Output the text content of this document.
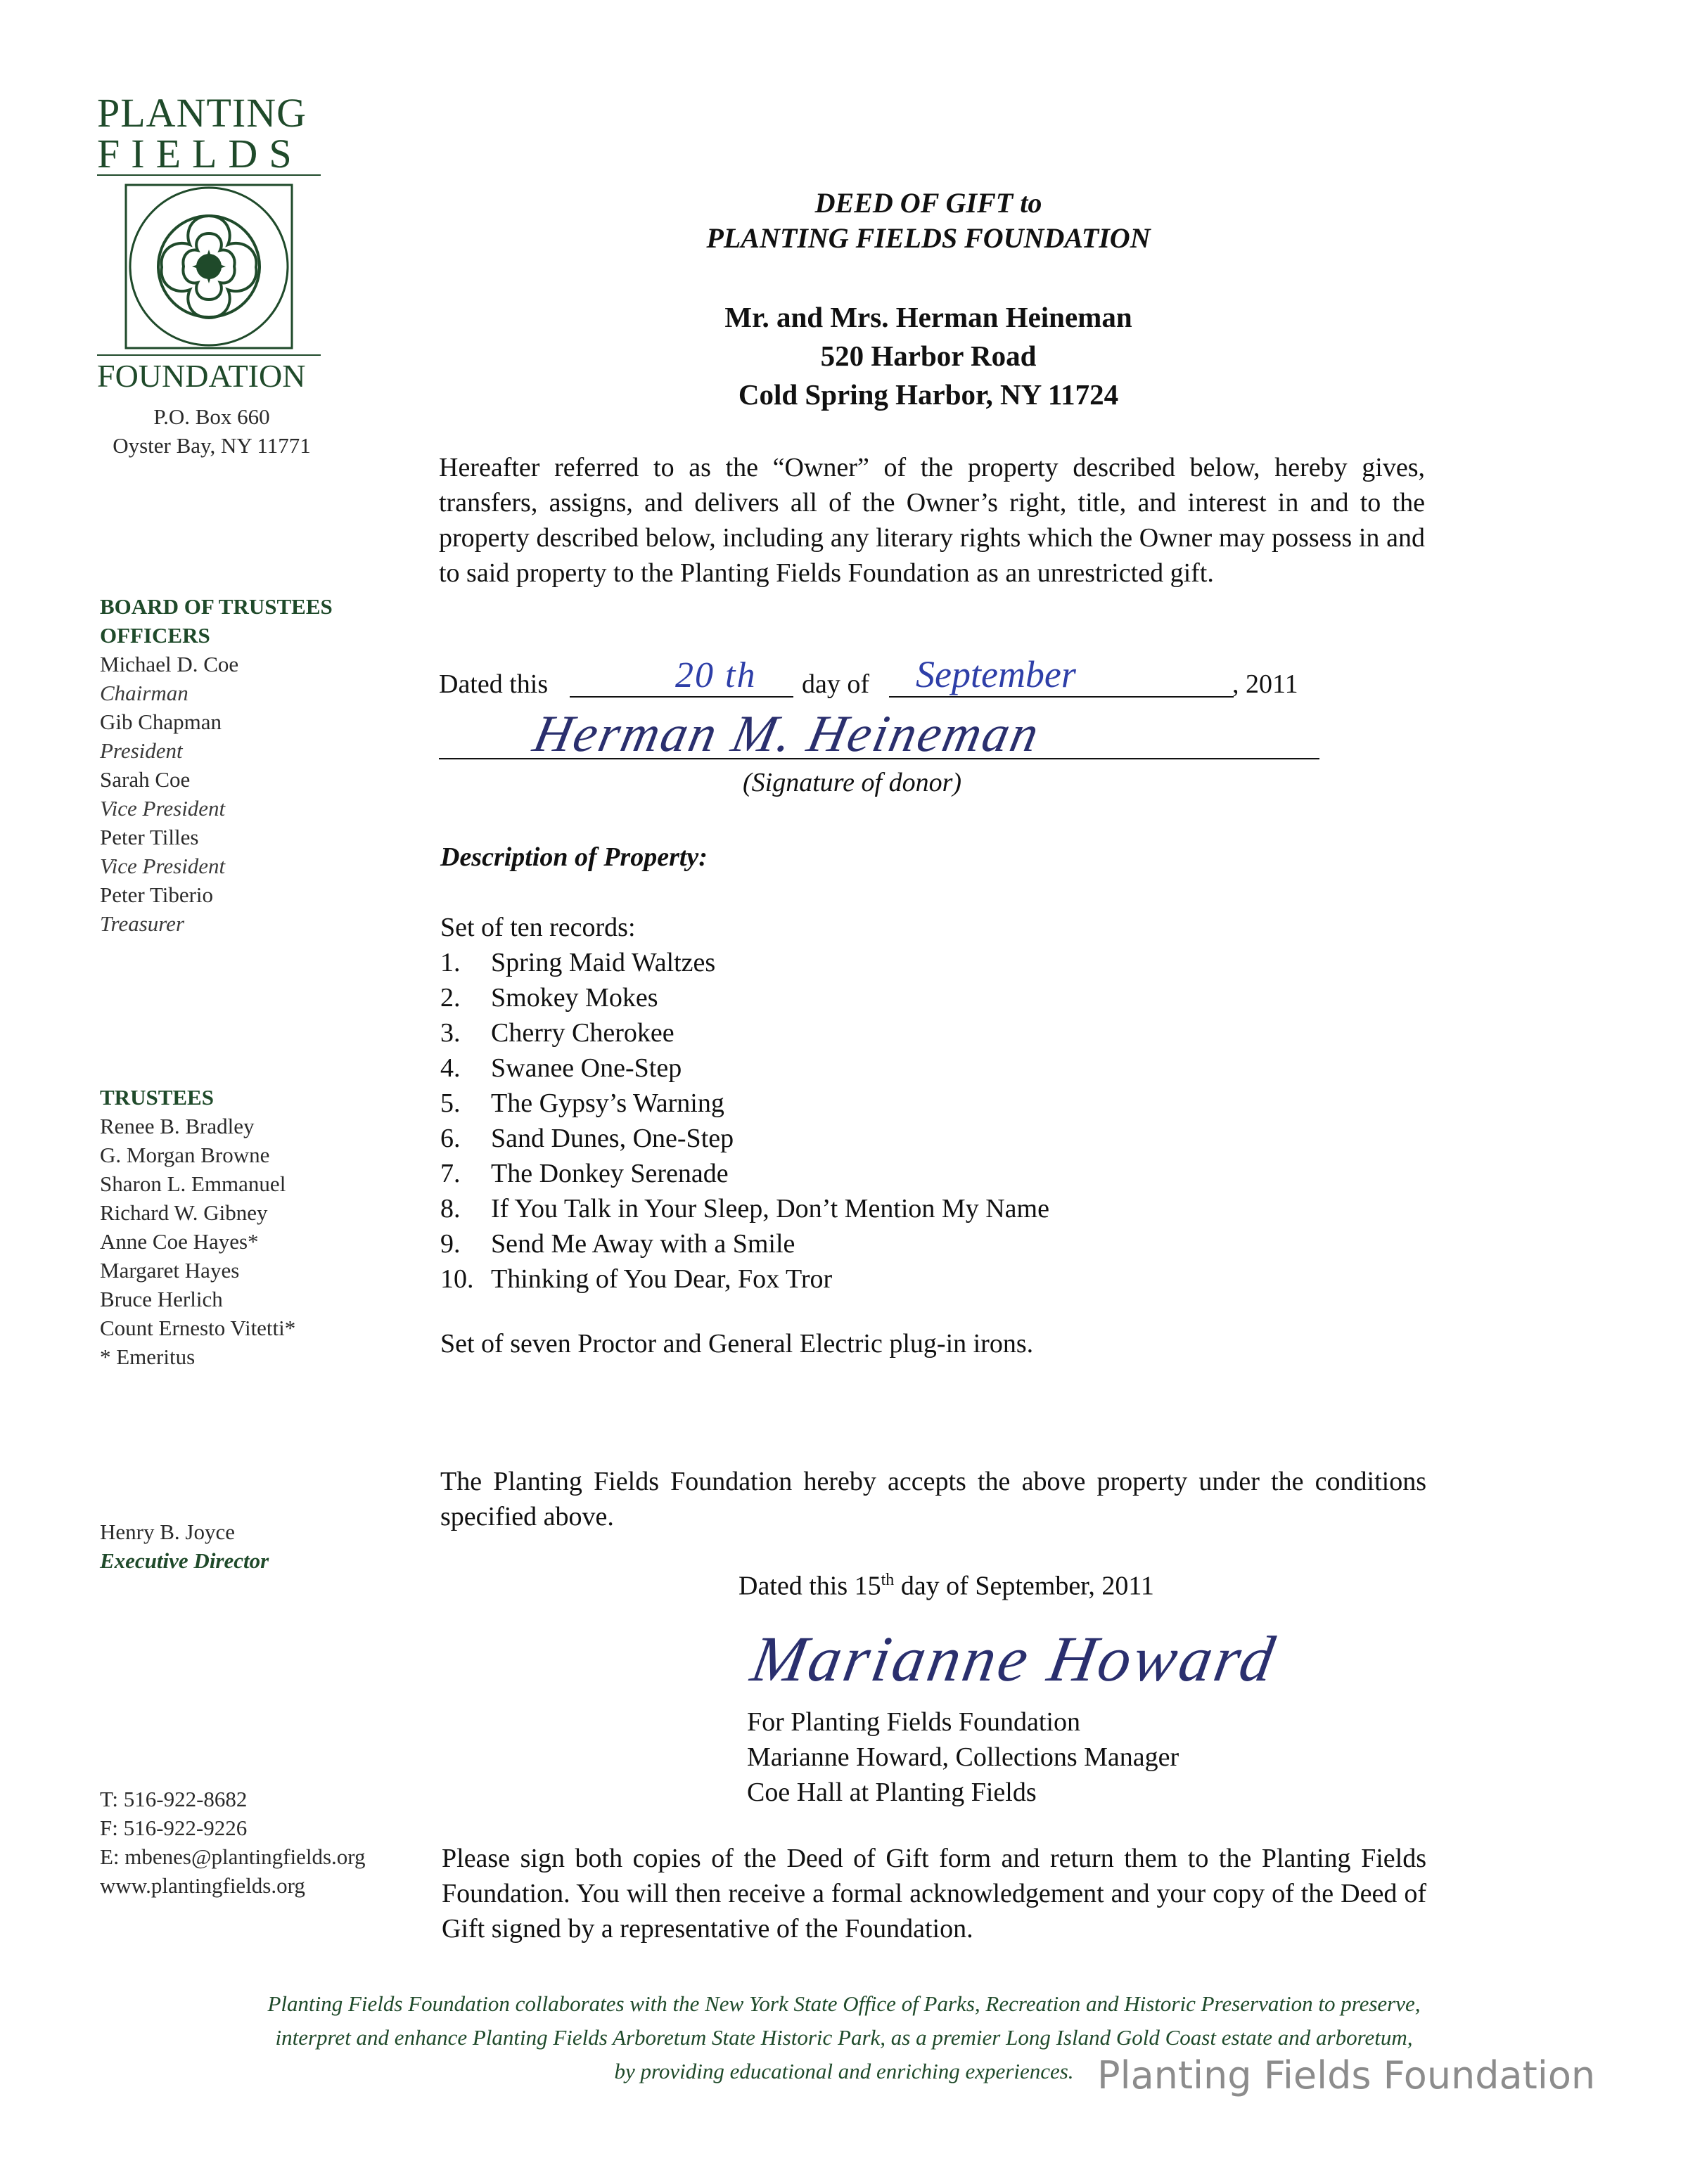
PLANTING
FIELDS
FOUNDATION
P.O. Box 660
Oyster Bay, NY 11771
BOARD OF TRUSTEES
OFFICERS
Michael D. Coe
Chairman
Gib Chapman
President
Sarah Coe
Vice President
Peter Tilles
Vice President
Peter Tiberio
Treasurer
TRUSTEES
Renee B. Bradley
G. Morgan Browne
Sharon L. Emmanuel
Richard W. Gibney
Anne Coe Hayes*
Margaret Hayes
Bruce Herlich
Count Ernesto Vitetti*
* Emeritus
Henry B. Joyce
Executive Director
T: 516-922-8682
F: 516-922-9226
E: mbenes@plantingfields.org
www.plantingfields.org
DEED OF GIFT to
PLANTING FIELDS FOUNDATION
Mr. and Mrs. Herman Heineman
520 Harbor Road
Cold Spring Harbor, NY 11724
Hereafter referred to as the “Owner” of the property described below, hereby gives, transfers, assigns, and delivers all of the Owner’s right, title, and interest in and to the property described below, including any literary rights which the Owner may possess in and to said property to the Planting Fields Foundation as an unrestricted gift.
Dated this	20 th day of September	, 2011
Herman M. Heineman
(Signature of donor)
Description of Property:
Set of ten records:
1.	Spring Maid Waltzes
2.	Smokey Mokes
3.	Cherry Cherokee
4.	Swanee One-Step
5.	The Gypsy’s Warning
6.	Sand Dunes, One-Step
7.	The Donkey Serenade
8.	If You Talk in Your Sleep, Don’t Mention My Name
9.	Send Me Away with a Smile
10. Thinking of You Dear, Fox Tror
Set of seven Proctor and General Electric plug-in irons.
The Planting Fields Foundation hereby accepts the above property under the conditions specified above.
Dated this 15th day of September, 2011
Marianne Howard
For Planting Fields Foundation
Marianne Howard, Collections Manager
Coe Hall at Planting Fields
Please sign both copies of the Deed of Gift form and return them to the Planting Fields Foundation. You will then receive a formal acknowledgement and your copy of the Deed of Gift signed by a representative of the Foundation.
Planting Fields Foundation collaborates with the New York State Office of Parks, Recreation and Historic Preservation to preserve,
interpret and enhance Planting Fields Arboretum State Historic Park, as a premier Long Island Gold Coast estate and arboretum,
by providing educational and enriching experiences. Planting Fields Foundation
